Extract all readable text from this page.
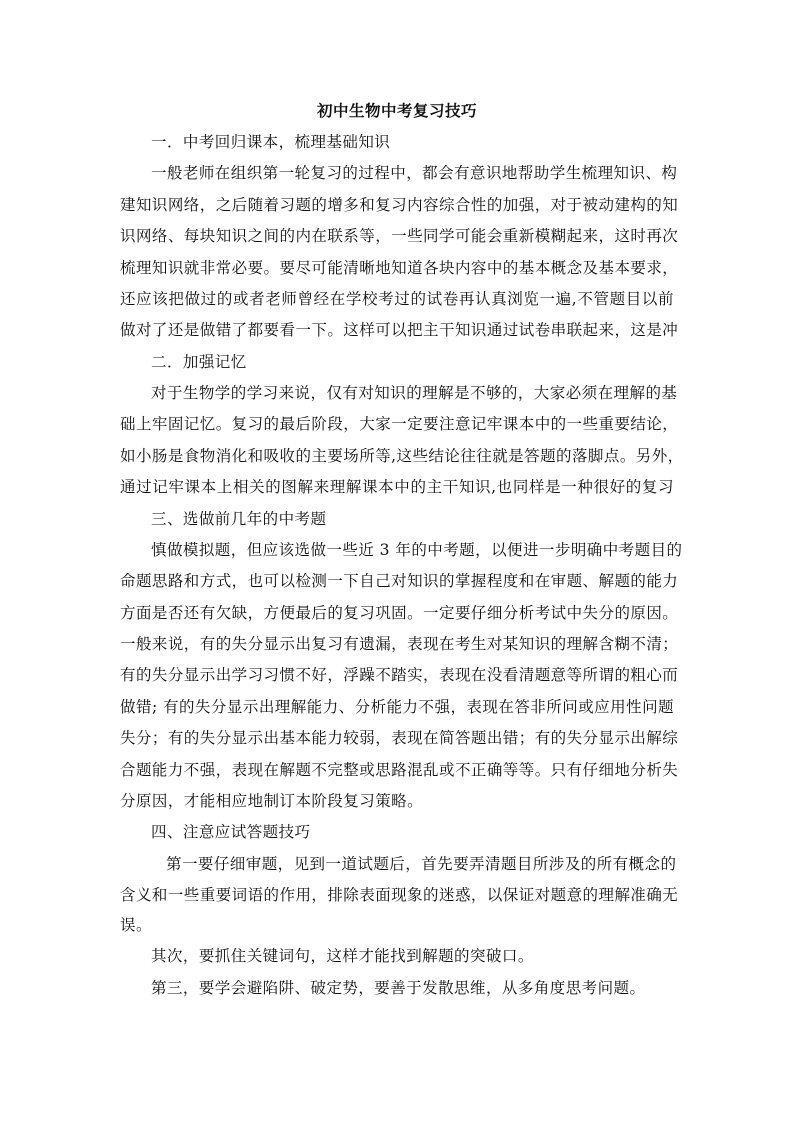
初中生物中考复习技巧
一．中考回归课本，梳理基础知识
一般老师在组织第一轮复习的过程中，都会有意识地帮助学生梳理知识、构
建知识网络，之后随着习题的增多和复习内容综合性的加强，对于被动建构的知
识网络、每块知识之间的内在联系等，一些同学可能会重新模糊起来，这时再次
梳理知识就非常必要。要尽可能清晰地知道各块内容中的基本概念及基本要求，
还应该把做过的或者老师曾经在学校考过的试卷再认真浏览一遍,不管题目以前
做对了还是做错了都要看一下。这样可以把主干知识通过试卷串联起来，这是冲
二．加强记忆
对于生物学的学习来说，仅有对知识的理解是不够的，大家必须在理解的基
础上牢固记忆。复习的最后阶段，大家一定要注意记牢课本中的一些重要结论，
如小肠是食物消化和吸收的主要场所等,这些结论往往就是答题的落脚点。另外，
通过记牢课本上相关的图解来理解课本中的主干知识,也同样是一种很好的复习
三、选做前几年的中考题
慎做模拟题，但应该选做一些近 3 年的中考题，以便进一步明确中考题目的
命题思路和方式，也可以检测一下自己对知识的掌握程度和在审题、解题的能力
方面是否还有欠缺，方便最后的复习巩固。一定要仔细分析考试中失分的原因。
一般来说，有的失分显示出复习有遗漏，表现在考生对某知识的理解含糊不清；
有的失分显示出学习习惯不好，浮躁不踏实，表现在没看清题意等所谓的粗心而
做错; 有的失分显示出理解能力、分析能力不强，表现在答非所问或应用性问题
失分；有的失分显示出基本能力较弱，表现在简答题出错；有的失分显示出解综
合题能力不强，表现在解题不完整或思路混乱或不正确等等。只有仔细地分析失
分原因，才能相应地制订本阶段复习策略。
四、注意应试答题技巧
第一要仔细审题，见到一道试题后，首先要弄清题目所涉及的所有概念的
含义和一些重要词语的作用，排除表面现象的迷惑，以保证对题意的理解准确无
误。
其次，要抓住关键词句，这样才能找到解题的突破口。
第三，要学会避陷阱、破定势，要善于发散思维，从多角度思考问题。
